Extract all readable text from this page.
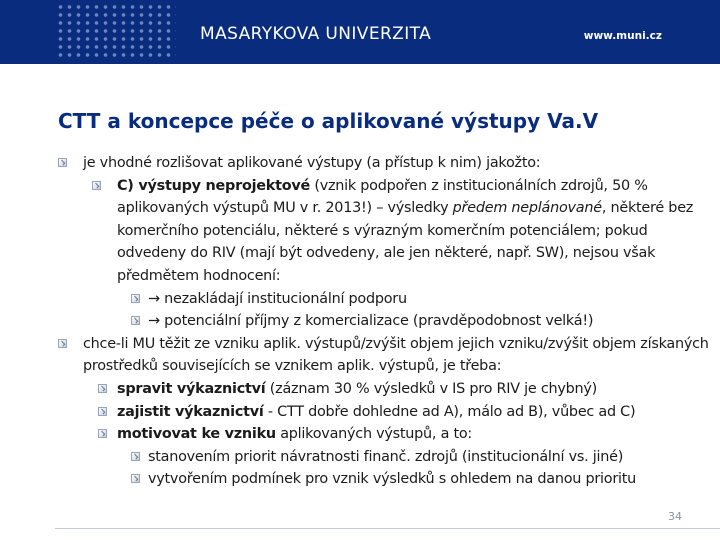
MASARYKOVA UNIVERZITA	www.muni.cz
CTT a koncepce péče o aplikované výstupy Va.V
je vhodné rozlišovat aplikované výstupy (a přístup k nim) jakožto:
C) výstupy neprojektové (vznik podpořen z institucionálních zdrojů, 50 % aplikovaných výstupů MU v r. 2013!) – výsledky předem neplánované, některé bez komerčního potenciálu, některé s výrazným komerčním potenciálem; pokud odvedeny do RIV (mají být odvedeny, ale jen některé, např. SW), nejsou však předmětem hodnocení:
→ nezakládají institucionální podporu
→ potenciální příjmy z komercializace (pravděpodobnost velká!)
chce-li MU těžit ze vzniku aplik. výstupů/zvýšit objem jejich vzniku/zvýšit objem získaných prostředků souvisejících se vznikem aplik. výstupů, je třeba:
spravit výkaznictví (záznam 30 % výsledků v IS pro RIV je chybný)
zajistit výkaznictví - CTT dobře dohledne ad A), málo ad B), vůbec ad C)
motivovat ke vzniku aplikovaných výstupů, a to:
stanovením priorit návratnosti finanč. zdrojů (institucionální vs. jiné)
vytvořením podmínek pro vznik výsledků s ohledem na danou prioritu
34
